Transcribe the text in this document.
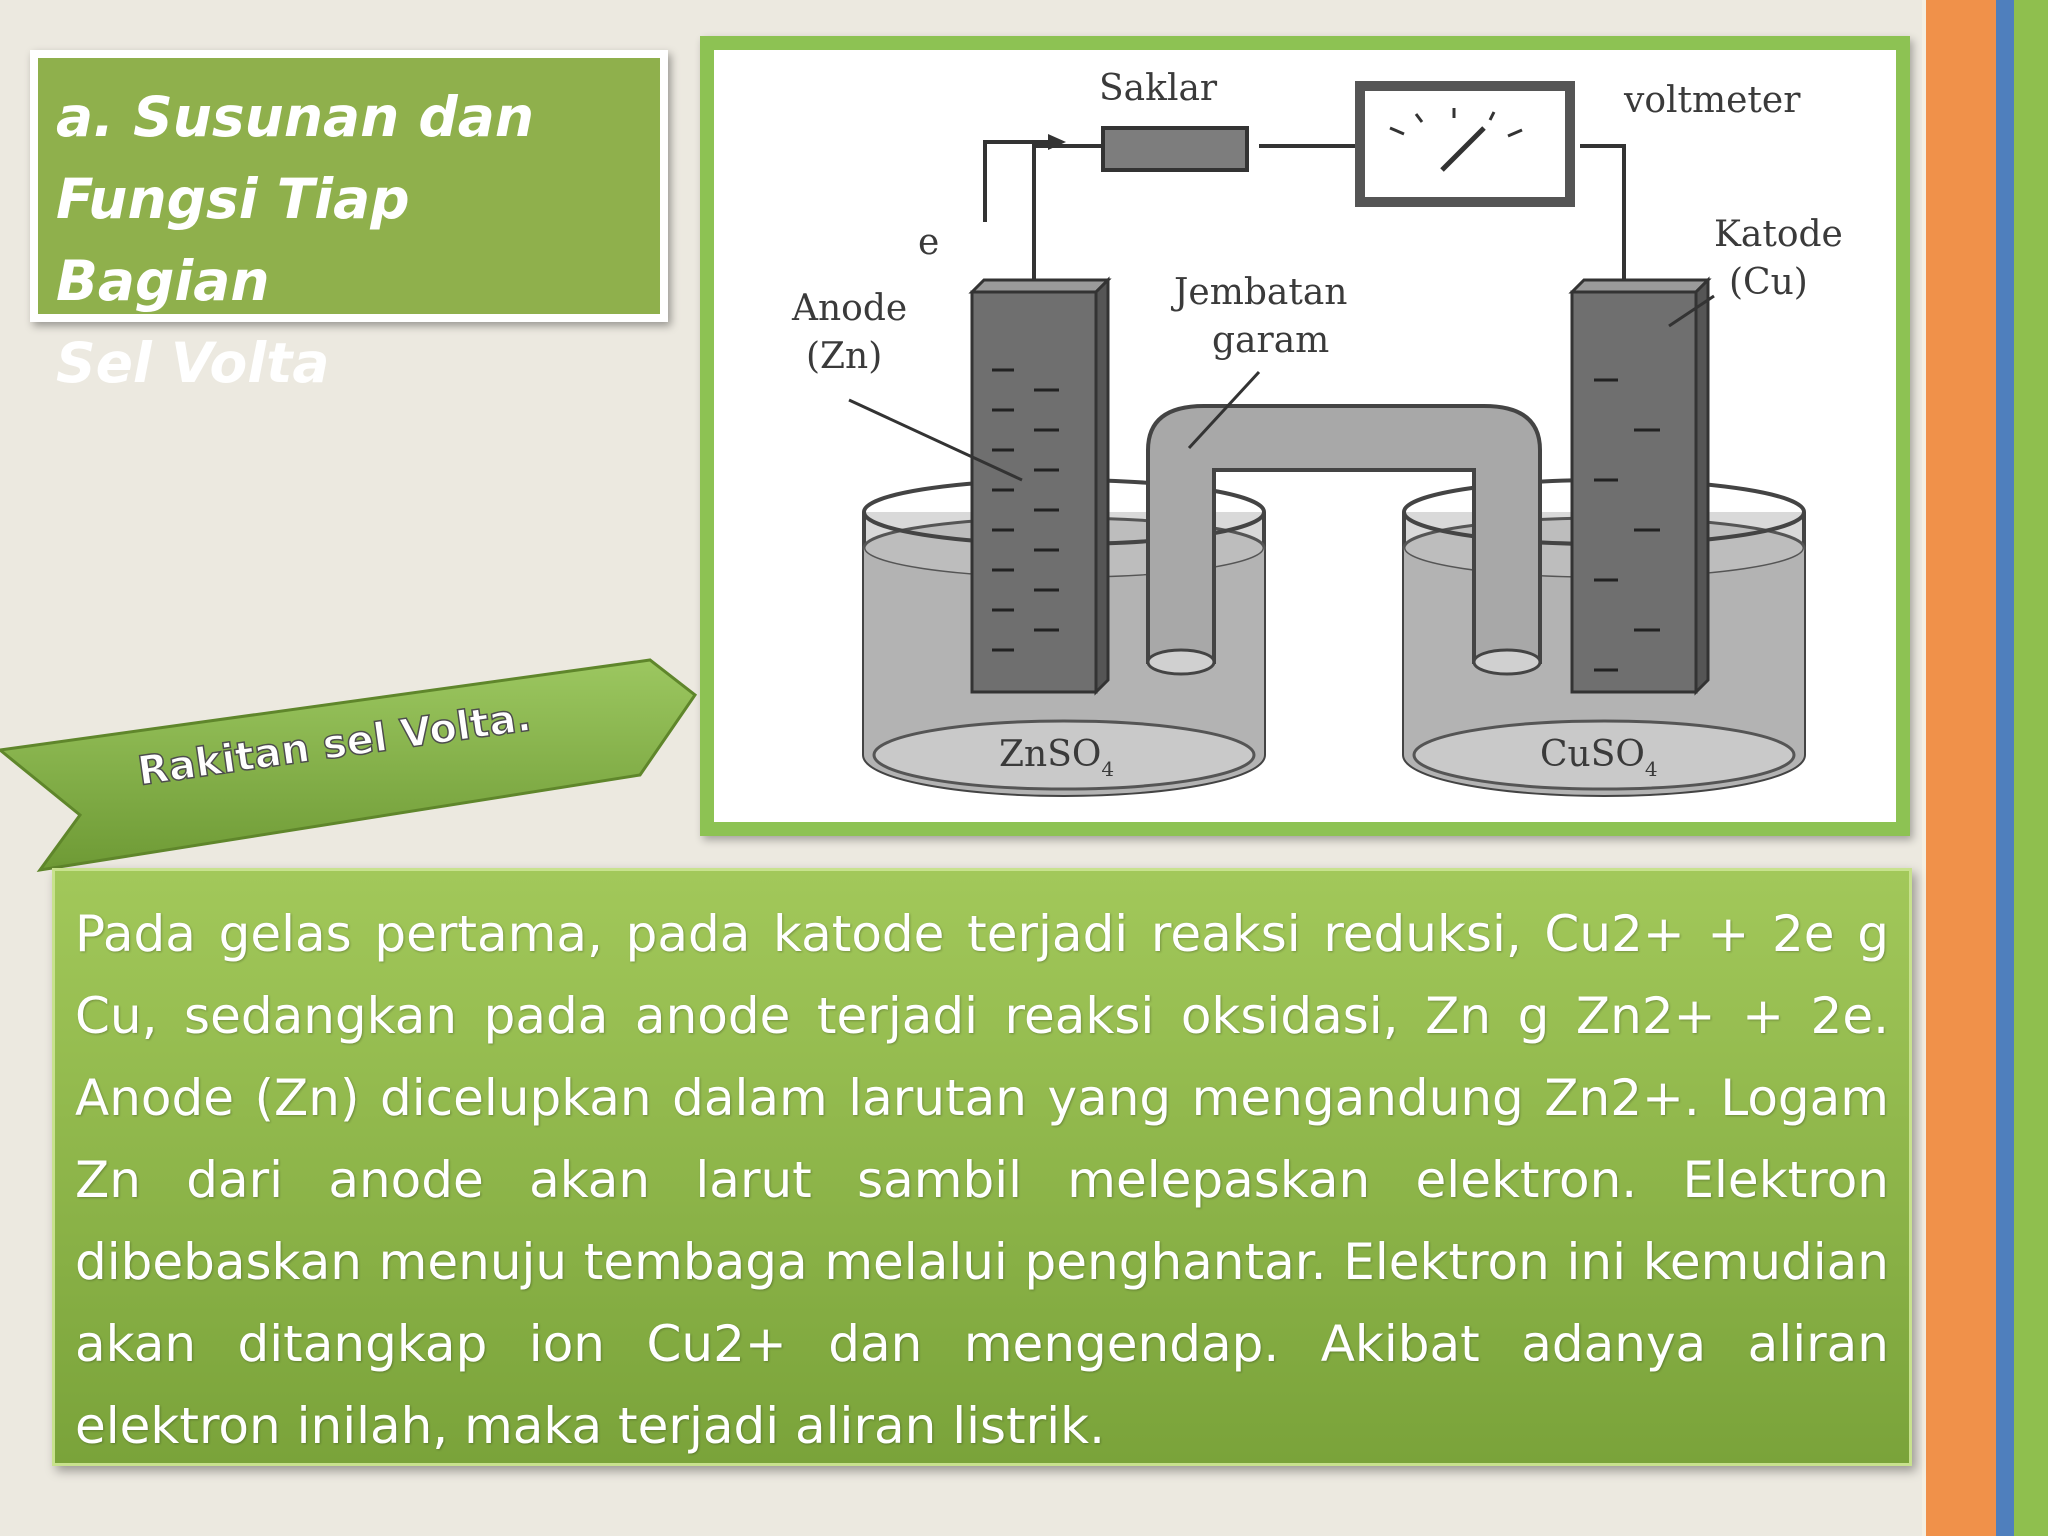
a. Susunan dan
Fungsi Tiap Bagian
Sel Volta
Saklar	voltmeter
e
Anode
(Zn)
Jembatan
garam
Katode
(Cu)
ZnSO$_4$	CuSO$_4$
Rakitan sel Volta.
Pada gelas pertama, pada katode terjadi reaksi reduksi, Cu2+ + 2e g Cu, sedangkan pada anode terjadi reaksi oksidasi, Zn g Zn2+ + 2e. Anode (Zn) dicelupkan dalam larutan yang mengandung Zn2+. Logam Zn dari anode akan larut sambil melepaskan elektron. Elektron dibebaskan menuju tembaga melalui penghantar. Elektron ini kemudian akan ditangkap ion Cu2+ dan mengendap. Akibat adanya aliran elektron inilah, maka terjadi aliran listrik.
